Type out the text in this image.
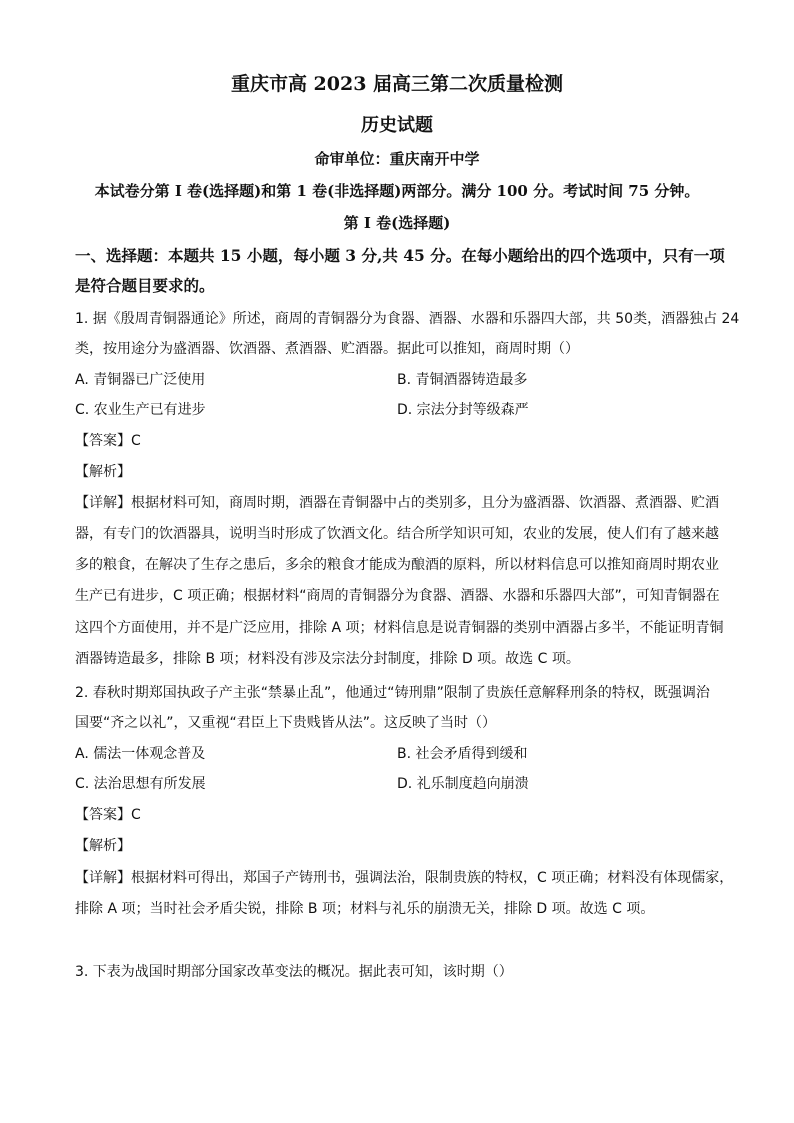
重庆市高 2023 届高三第二次质量检测
历史试题
命审单位：重庆南开中学
本试卷分第 I 卷(选择题)和第 1 卷(非选择题)两部分。满分 100 分。考试时间 75 分钟。
第 I 卷(选择题)
一、选择题：本题共 15 小题，每小题 3 分,共 45 分。在每小题给出的四个选项中，只有一项
是符合题目要求的。
1. 据《殷周青铜器通论》所述，商周的青铜器分为食器、酒器、水器和乐器四大部，共 50类，酒器独占 24
类，按用途分为盛酒器、饮酒器、煮酒器、贮酒器。据此可以推知，商周时期（）
A. 青铜器已广泛使用	B. 青铜酒器铸造最多
C. 农业生产已有进步	D. 宗法分封等级森严
【答案】C
【解析】
【详解】根据材料可知，商周时期，酒器在青铜器中占的类别多，且分为盛酒器、饮酒器、煮酒器、贮酒
器，有专门的饮酒器具，说明当时形成了饮酒文化。结合所学知识可知，农业的发展，使人们有了越来越
多的粮食，在解决了生存之患后，多余的粮食才能成为酿酒的原料，所以材料信息可以推知商周时期农业
生产已有进步，C 项正确；根据材料“商周的青铜器分为食器、酒器、水器和乐器四大部”，可知青铜器在
这四个方面使用，并不是广泛应用，排除 A 项；材料信息是说青铜器的类别中酒器占多半，不能证明青铜
酒器铸造最多，排除 B 项；材料没有涉及宗法分封制度，排除 D 项。故选 C 项。
2. 春秋时期郑国执政子产主张“禁暴止乱”，他通过“铸刑鼎”限制了贵族任意解释刑条的特权，既强调治
国要“齐之以礼”，又重视“君臣上下贵贱皆从法”。这反映了当时（）
A. 儒法一体观念普及	B. 社会矛盾得到缓和
C. 法治思想有所发展	D. 礼乐制度趋向崩溃
【答案】C
【解析】
【详解】根据材料可得出，郑国子产铸刑书，强调法治，限制贵族的特权，C 项正确；材料没有体现儒家，
排除 A 项；当时社会矛盾尖锐，排除 B 项；材料与礼乐的崩溃无关，排除 D 项。故选 C 项。
3. 下表为战国时期部分国家改革变法的概况。据此表可知，该时期（）
